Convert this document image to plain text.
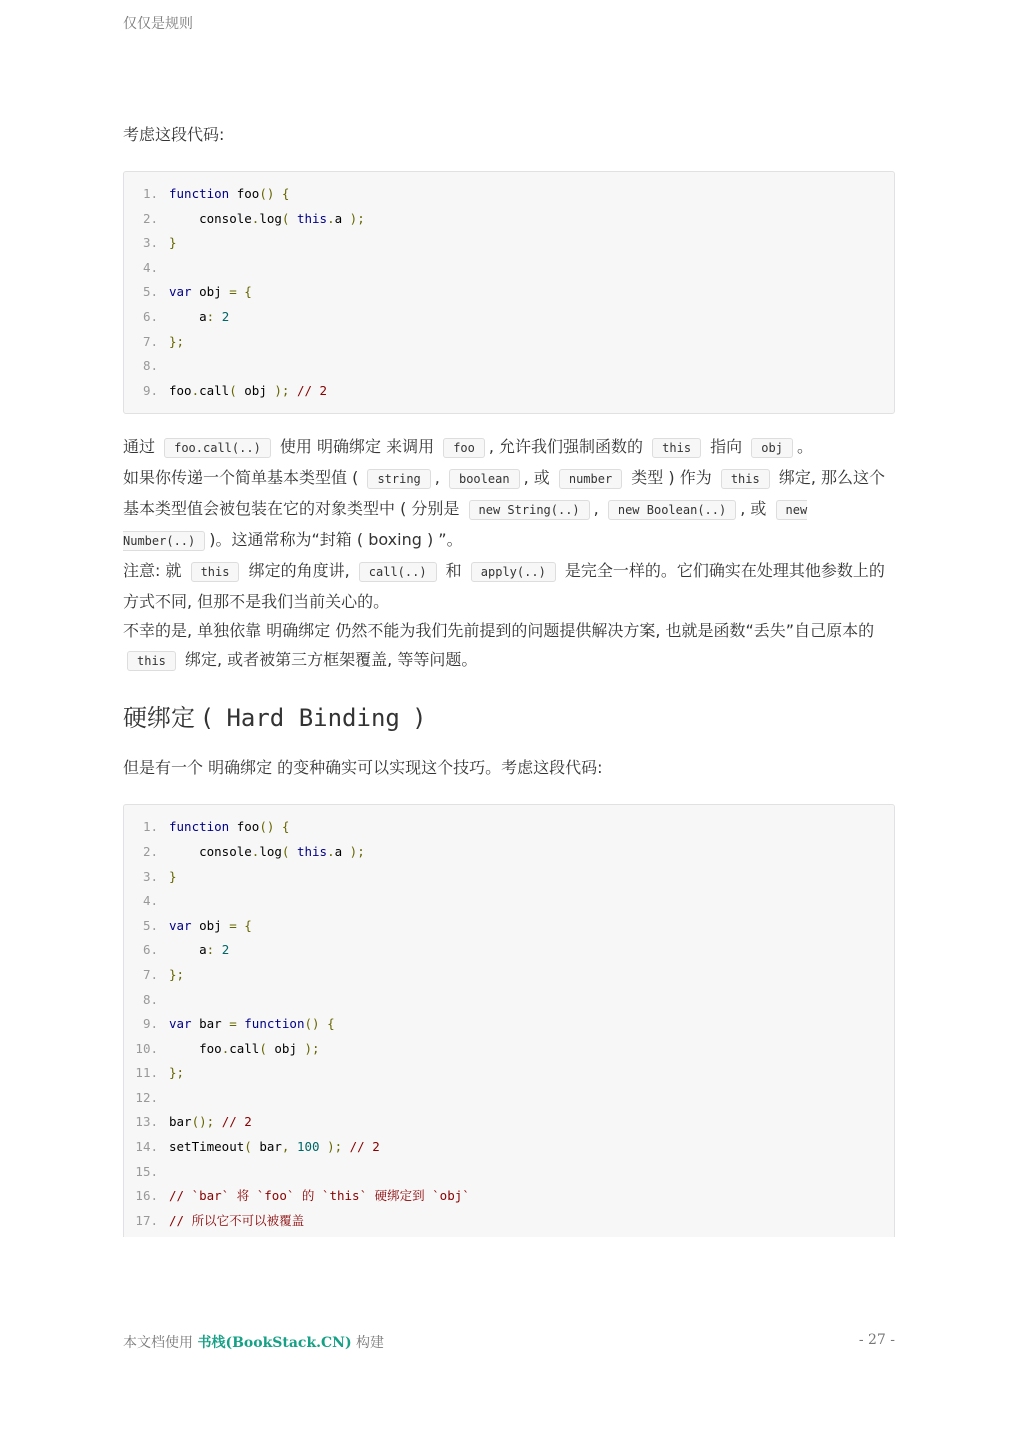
仅仅是规则

考虑这段代码:

1. function foo() {
2. console.log( this.a );
3. }
4.
5. var obj = {
6. a: 2
7. };
8.
9. foo.call( obj ); // 2

通过 foo.call(..) 使用 明确绑定 来调用 foo , 允许我们强制函数的 this 指向 obj 。

如果你传递一个简单基本类型值 ( string , boolean , 或 number 类型 ) 作为 this 绑定, 那么这个基本类型值会被包装在它的对象类型中 ( 分别是 new String(..) , new Boolean(..) , 或 new Number(..) )。这通常称为“封箱 ( boxing ) ”。

注意: 就 this 绑定的角度讲, call(..) 和 apply(..) 是完全一样的。它们确实在处理其他参数上的方式不同, 但那不是我们当前关心的。

不幸的是, 单独依靠 明确绑定 仍然不能为我们先前提到的问题提供解决方案, 也就是函数“丢失”自己原本的 this 绑定, 或者被第三方框架覆盖, 等等问题。

硬绑定 ( Hard Binding )

但是有一个 明确绑定 的变种确实可以实现这个技巧。考虑这段代码:

1. function foo() {
2. console.log( this.a );
3. }
4.
5. var obj = {
6. a: 2
7. };
8.
9. var bar = function() {
10. foo.call( obj );
11. };
12.
13. bar(); // 2
14. setTimeout( bar, 100 ); // 2
15.
16. // `bar` 将 `foo` 的 `this` 硬绑定到 `obj`
17. // 所以它不可以被覆盖
本文档使用 书栈(BookStack.CN) 构建	- 27 -
